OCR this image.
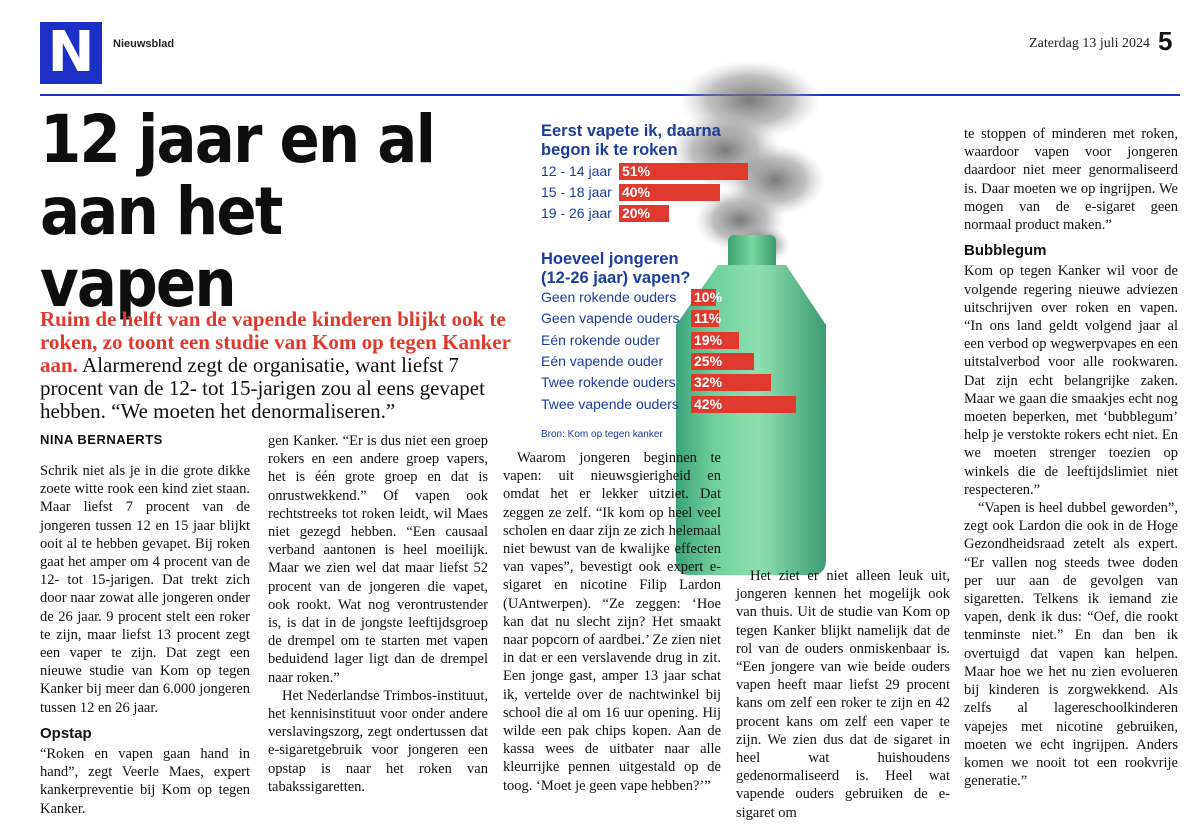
N	Nieuwsblad	Zaterdag 13 juli 2024 5
12 jaar en al
aan het vapen
Ruim de helft van de vapende kinderen blijkt ook te roken, zo toont een studie van Kom op tegen Kanker aan. Alarmerend zegt de organisatie, want liefst 7 procent van de 12- tot 15-jarigen zou al eens gevapet hebben. “We moeten het denormaliseren.”
NINA BERNAERTS
Eerst vapete ik, daarna begon ik te roken
12 - 14 jaar 51%
15 - 18 jaar 40%
19 - 26 jaar 20%
Hoeveel jongeren (12-26 jaar) vapen?
Geen rokende ouders 10%
Geen vapende ouders 11%
Eén rokende ouder 19%
Eén vapende ouder 25%
Twee rokende ouders 32%
Twee vapende ouders 42%
Bron: Kom op tegen kanker

Schrik niet als je in die grote dikke zoete witte rook een kind ziet staan. Maar liefst 7 procent van de jongeren tussen 12 en 15 jaar blijkt ooit al te hebben gevapet. Bij roken gaat het amper om 4 procent van de 12- tot 15-jarigen. Dat trekt zich door naar zowat alle jongeren onder de 26 jaar. 9 procent stelt een roker te zijn, maar liefst 13 procent zegt een vaper te zijn. Dat zegt een nieuwe studie van Kom op tegen Kanker bij meer dan 6.000 jongeren tussen 12 en 26 jaar.

Opstap

“Roken en vapen gaan hand in hand”, zegt Veerle Maes, expert kankerpreventie bij Kom op tegen Kanker.

gen Kanker. “Er is dus niet een groep rokers en een andere groep vapers, het is één grote groep en dat is onrustwekkend.” Of vapen ook rechtstreeks tot roken leidt, wil Maes niet gezegd hebben. “Een causaal verband aantonen is heel moeilijk. Maar we zien wel dat maar liefst 52 procent van de jongeren die vapet, ook rookt. Wat nog verontrustender is, is dat in de jongste leeftijdsgroep de drempel om te starten met vapen beduidend lager ligt dan de drempel naar roken.”

Het Nederlandse Trimbos-instituut, het kennisinstituut voor onder andere verslavingszorg, zegt ondertussen dat e-sigaretgebruik voor jongeren een opstap is naar het roken van tabakssigaretten.

Waarom jongeren beginnen te vapen: uit nieuwsgierigheid en omdat het er lekker uitziet. Dat zeggen ze zelf. “Ik kom op heel veel scholen en daar zijn ze zich helemaal niet bewust van de kwalijke effecten van vapes”, bevestigt ook expert e-sigaret en nicotine Filip Lardon (UAntwerpen). “Ze zeggen: ‘Hoe kan dat nu slecht zijn? Het smaakt naar popcorn of aardbei.’ Ze zien niet in dat er een verslavende drug in zit. Een jonge gast, amper 13 jaar schat ik, vertelde over de nachtwinkel bij school die al om 16 uur opening. Hij wilde een pak chips kopen. Aan de kassa wees de uitbater naar alle kleurrijke pennen uitgestald op de toog. ‘Moet je geen vape hebben?’”

Het ziet er niet alleen leuk uit, jongeren kennen het mogelijk ook van thuis. Uit de studie van Kom op tegen Kanker blijkt namelijk dat de rol van de ouders onmiskenbaar is. “Een jongere van wie beide ouders vapen heeft maar liefst 29 procent kans om zelf een roker te zijn en 42 procent kans om zelf een vaper te zijn. We zien dus dat de sigaret in heel wat huishoudens gedenormaliseerd is. Heel wat vapende ouders gebruiken de e-sigaret om

te stoppen of minderen met roken, waardoor vapen voor jongeren daardoor niet meer genormaliseerd is. Daar moeten we op ingrijpen. We mogen van de e-sigaret geen normaal product maken.”

Bubblegum

Kom op tegen Kanker wil voor de volgende regering nieuwe adviezen uitschrijven over roken en vapen. “In ons land geldt volgend jaar al een verbod op wegwerpvapes en een uitstalverbod voor alle rookwaren. Dat zijn echt belangrijke zaken. Maar we gaan die smaakjes echt nog moeten beperken, met ‘bubblegum’ help je verstokte rokers echt niet. En we moeten strenger toezien op winkels die de leeftijdslimiet niet respecteren.”

“Vapen is heel dubbel geworden”, zegt ook Lardon die ook in de Hoge Gezondheidsraad zetelt als expert. “Er vallen nog steeds twee doden per uur aan de gevolgen van sigaretten. Telkens ik iemand zie vapen, denk ik dus: “Oef, die rookt tenminste niet.” En dan ben ik overtuigd dat vapen kan helpen. Maar hoe we het nu zien evolueren bij kinderen is zorgwekkend. Als zelfs al lagereschoolkinderen vapejes met nicotine gebruiken, moeten we echt ingrijpen. Anders komen we nooit tot een rookvrije generatie.”
